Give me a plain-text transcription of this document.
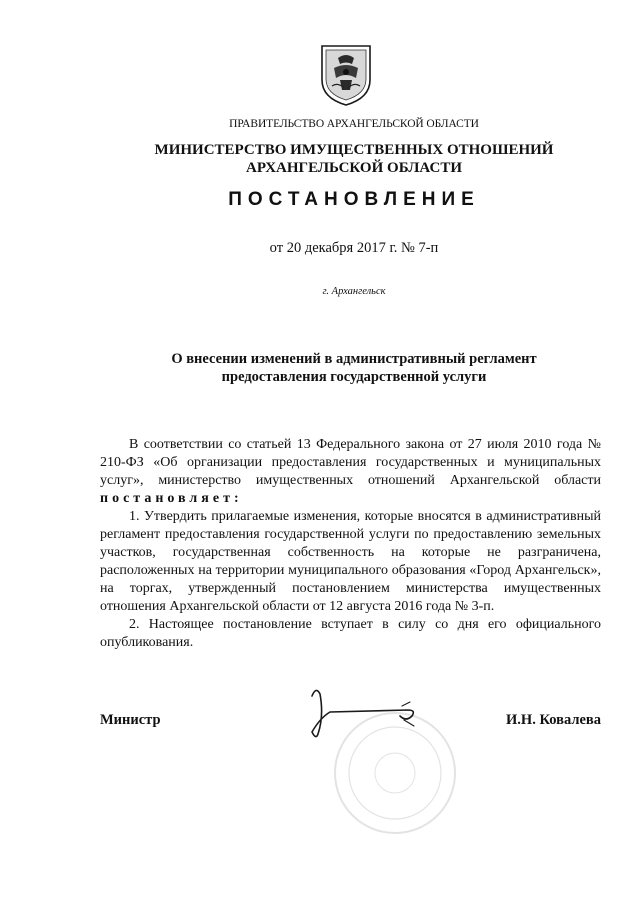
ПРАВИТЕЛЬСТВО АРХАНГЕЛЬСКОЙ ОБЛАСТИ
МИНИСТЕРСТВО ИМУЩЕСТВЕННЫХ ОТНОШЕНИЙ
АРХАНГЕЛЬСКОЙ ОБЛАСТИ
ПОСТАНОВЛЕНИЕ
от 20 декабря 2017 г. № 7-п
г. Архангельск
О внесении изменений в административный регламент
предоставления государственной услуги

В соответствии со статьей 13 Федерального закона от 27 июля 2010 года № 210-ФЗ «Об организации предоставления государственных и муниципальных услуг», министерство имущественных отношений Архангельской области постановляет:

1. Утвердить прилагаемые изменения, которые вносятся в административный регламент предоставления государственной услуги по предоставлению земельных участков, государственная собственность на которые не разграничена, расположенных на территории муниципального образования «Город Архангельск», на торгах, утвержденный постановлением министерства имущественных отношения Архангельской области от 12 августа 2016 года № 3-п.

2. Настоящее постановление вступает в силу со дня его официального опубликования.

Министр	И.Н. Ковалева
